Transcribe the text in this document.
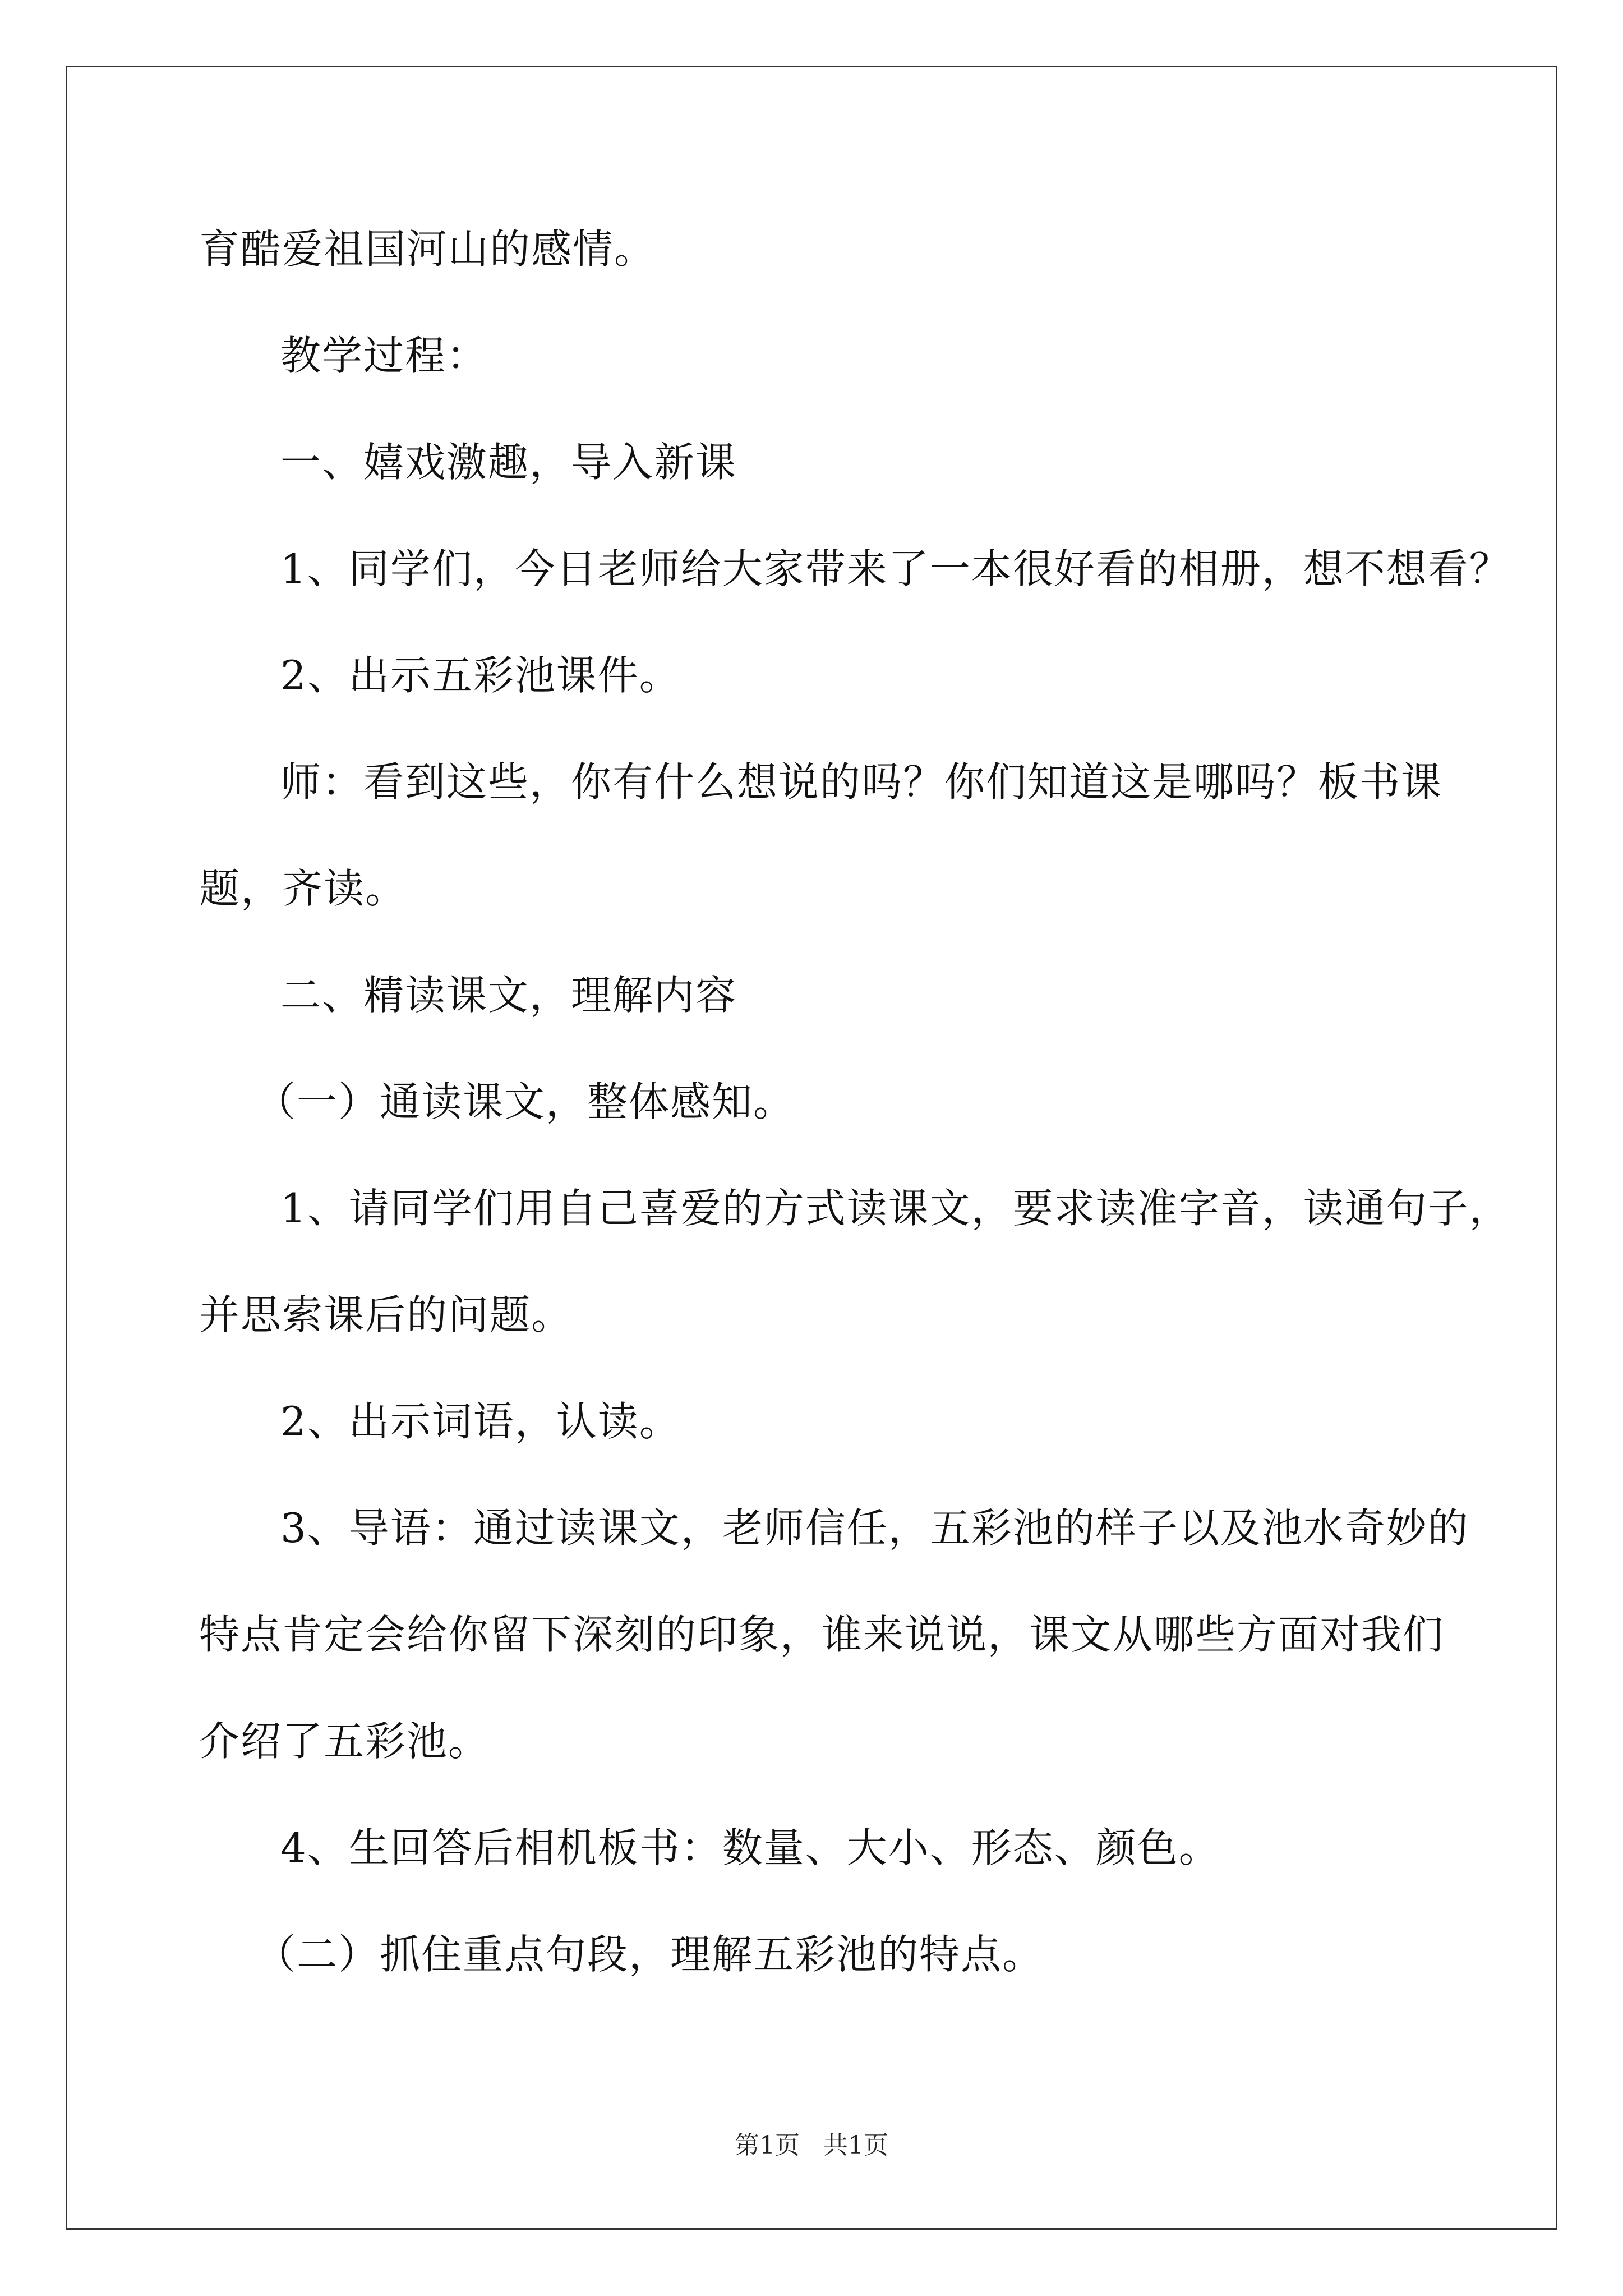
育酷爱祖国河山的感情。
教学过程：
一、嬉戏激趣，导入新课
1、同学们，今日老师给大家带来了一本很好看的相册，想不想看？
2、出示五彩池课件。
师：看到这些，你有什么想说的吗？你们知道这是哪吗？板书课
题，齐读。
二、精读课文，理解内容
（一）通读课文，整体感知。
1、请同学们用自己喜爱的方式读课文，要求读准字音，读通句子，
并思索课后的问题。
2、出示词语，认读。
3、导语：通过读课文，老师信任，五彩池的样子以及池水奇妙的
特点肯定会给你留下深刻的印象，谁来说说，课文从哪些方面对我们
介绍了五彩池。
4、生回答后相机板书：数量、大小、形态、颜色。
（二）抓住重点句段，理解五彩池的特点。
第1页   共1页
